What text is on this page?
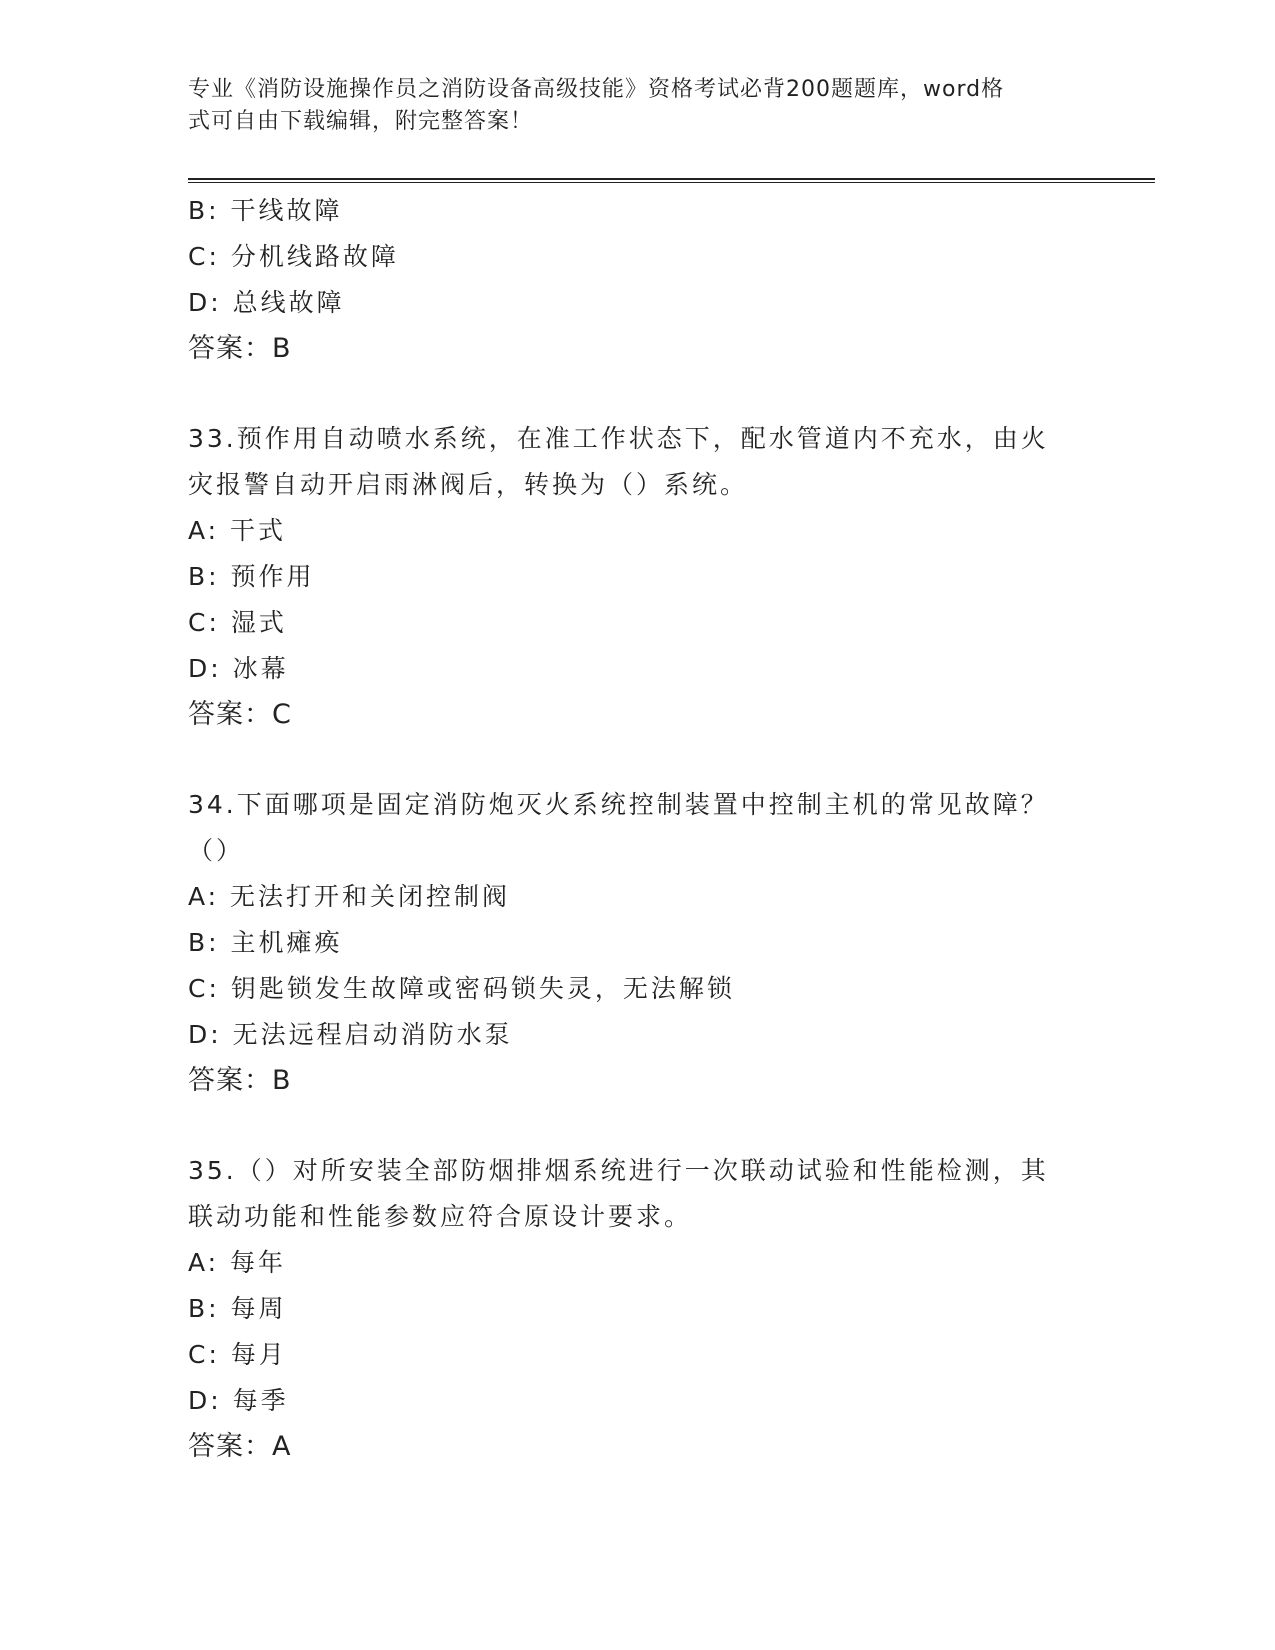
专业《消防设施操作员之消防设备高级技能》资格考试必背200题题库，word格
式可自由下载编辑，附完整答案！
B: 干线故障
C: 分机线路故障
D: 总线故障
答案：B
33.预作用自动喷水系统，在准工作状态下，配水管道内不充水，由火
灾报警自动开启雨淋阀后，转换为（）系统。
A: 干式
B: 预作用
C: 湿式
D: 冰幕
答案：C
34.下面哪项是固定消防炮灭火系统控制装置中控制主机的常见故障？
（）
A: 无法打开和关闭控制阀
B: 主机瘫痪
C: 钥匙锁发生故障或密码锁失灵，无法解锁
D: 无法远程启动消防水泵
答案：B
35.（）对所安装全部防烟排烟系统进行一次联动试验和性能检测，其
联动功能和性能参数应符合原设计要求。
A: 每年
B: 每周
C: 每月
D: 每季
答案：A
